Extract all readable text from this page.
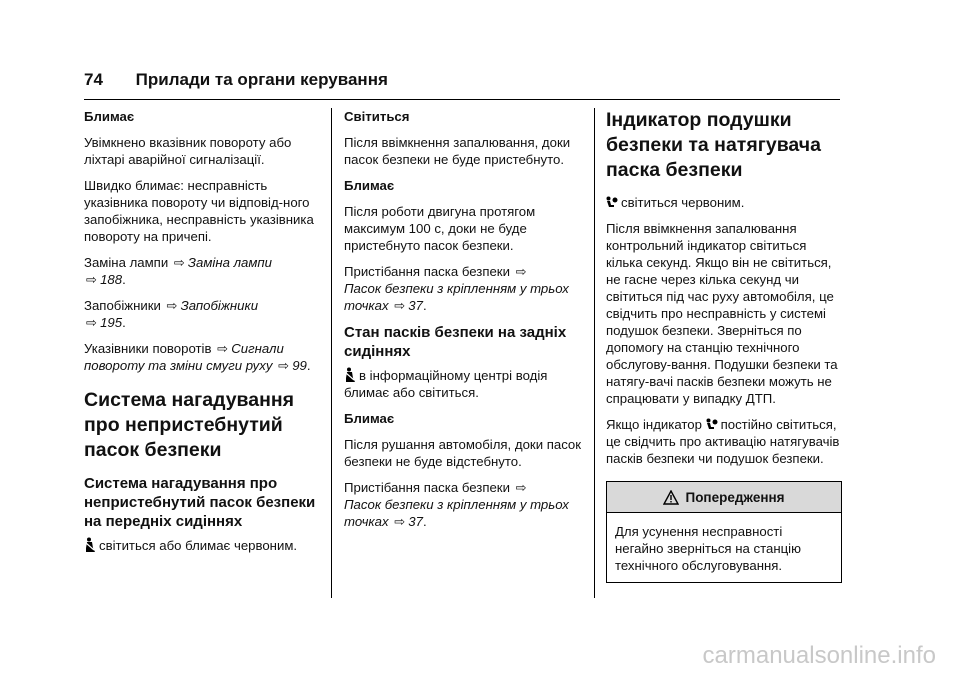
74 Прилади та органи керування
Блимає

Увімкнено вказівник повороту або ліхтарі аварійної сигналізації.

Швидко блимає: несправність указівника повороту чи відповід-ного запобіжника, несправність указівника повороту на причепі.

Заміна лампи ⇨ Заміна лампи
⇨ 188.

Запобіжники ⇨ Запобіжники
⇨ 195.

Указівники поворотів ⇨ Сигнали повороту та зміни смуги руху ⇨ 99.

Система нагадування про непристебнутий пасок безпеки
Система нагадування про непристебнутий пасок безпеки на передніх сидіннях

світиться або блимає червоним.

Світиться

Після ввімкнення запалювання, доки пасок безпеки не буде пристебнуто.

Блимає

Після роботи двигуна протягом максимум 100 с, доки не буде пристебнуто пасок безпеки.

Пристібання паска безпеки ⇨
Пасок безпеки з кріпленням у трьох точках ⇨ 37.

Стан пасків безпеки на задніх сидіннях

в інформаційному центрі водія блимає або світиться.

Блимає

Після рушання автомобіля, доки пасок безпеки не буде відстебнуто.

Пристібання паска безпеки ⇨
Пасок безпеки з кріпленням у трьох точках ⇨ 37.

Індикатор подушки безпеки та натягувача паска безпеки

світиться червоним.

Після ввімкнення запалювання контрольний індикатор світиться кілька секунд. Якщо він не світиться, не гасне через кілька секунд чи світиться під час руху автомобіля, це свідчить про несправність у системі подушок безпеки. Зверніться по допомогу на станцію технічного обслугову-вання. Подушки безпеки та натягу-вачі пасків безпеки можуть не спрацювати у випадку ДТП.

Якщо індикатор постійно світиться, це свідчить про активацію натягувачів пасків безпеки чи подушок безпеки.

Попередження
Для усунення несправності негайно зверніться на станцію технічного обслуговування.
carmanualsonline.info
